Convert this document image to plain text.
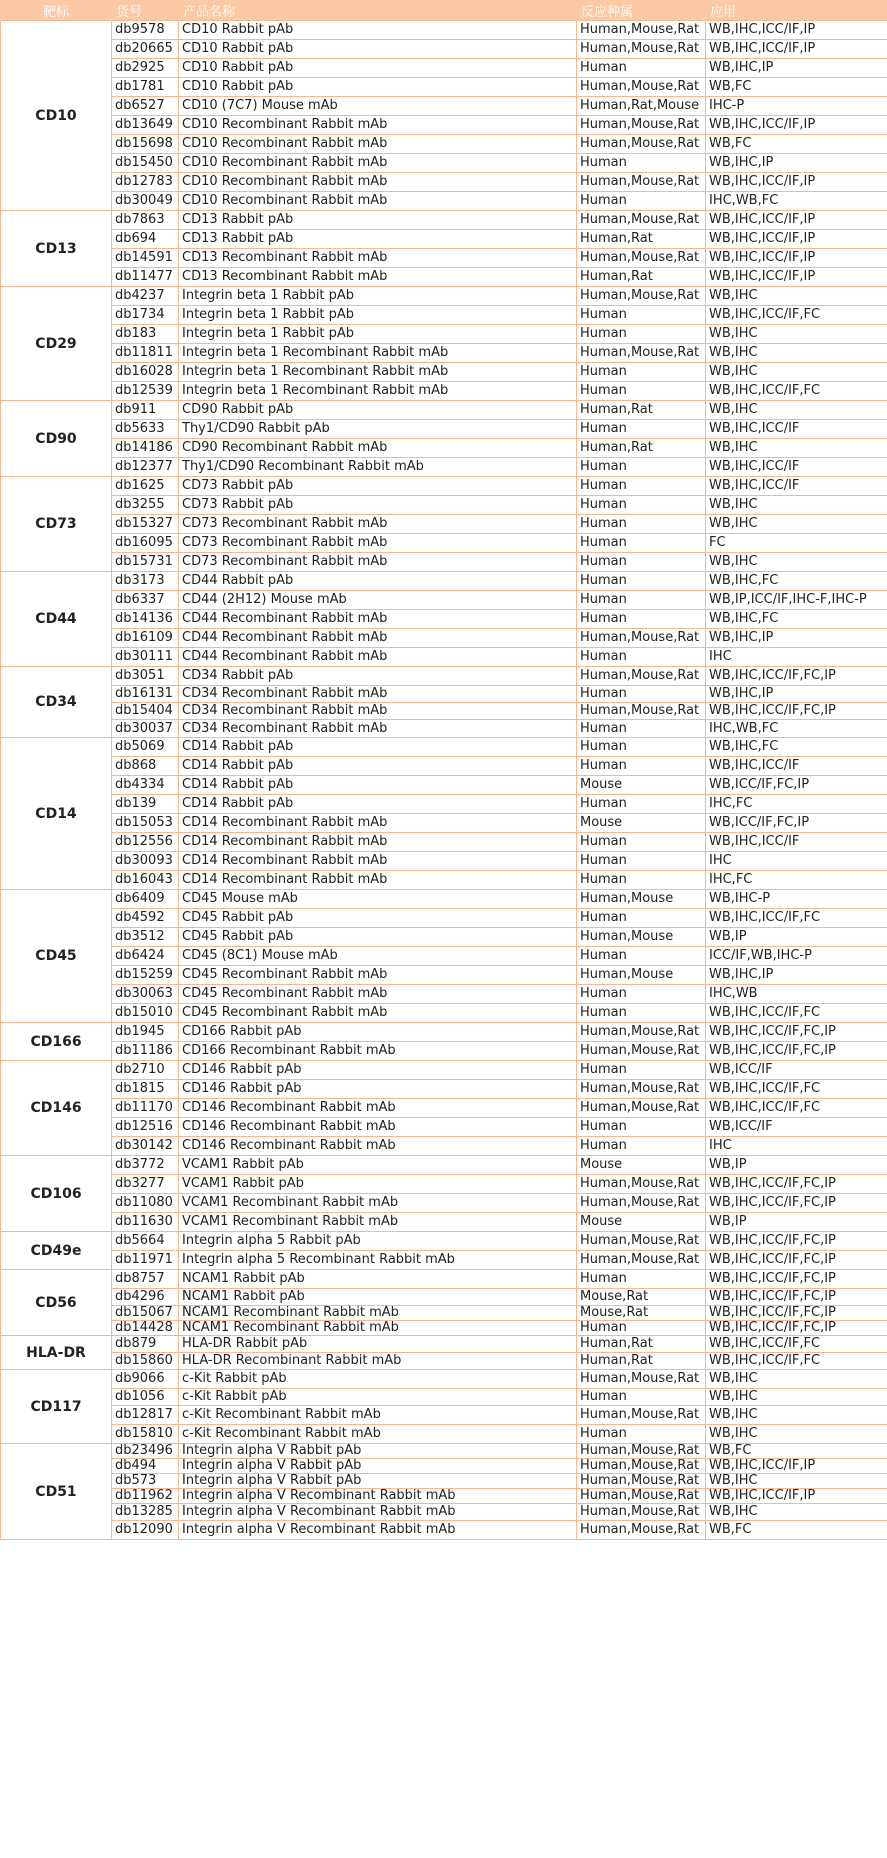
靶标	货号	产品名称	反应种属	应用
CD10	db9578	CD10 Rabbit pAb	Human,Mouse,Rat	WB,IHC,ICC/IF,IP
	db20665	CD10 Rabbit pAb	Human,Mouse,Rat	WB,IHC,ICC/IF,IP
	db2925	CD10 Rabbit pAb	Human	WB,IHC,IP
	db1781	CD10 Rabbit pAb	Human,Mouse,Rat	WB,FC
	db6527	CD10 (7C7) Mouse mAb	Human,Rat,Mouse	IHC-P
	db13649	CD10 Recombinant Rabbit mAb	Human,Mouse,Rat	WB,IHC,ICC/IF,IP
	db15698	CD10 Recombinant Rabbit mAb	Human,Mouse,Rat	WB,FC
	db15450	CD10 Recombinant Rabbit mAb	Human	WB,IHC,IP
	db12783	CD10 Recombinant Rabbit mAb	Human,Mouse,Rat	WB,IHC,ICC/IF,IP
	db30049	CD10 Recombinant Rabbit mAb	Human	IHC,WB,FC
CD13	db7863	CD13 Rabbit pAb	Human,Mouse,Rat	WB,IHC,ICC/IF,IP
	db694	CD13 Rabbit pAb	Human,Rat	WB,IHC,ICC/IF,IP
	db14591	CD13 Recombinant Rabbit mAb	Human,Mouse,Rat	WB,IHC,ICC/IF,IP
	db11477	CD13 Recombinant Rabbit mAb	Human,Rat	WB,IHC,ICC/IF,IP
CD29	db4237	Integrin beta 1 Rabbit pAb	Human,Mouse,Rat	WB,IHC
	db1734	Integrin beta 1 Rabbit pAb	Human	WB,IHC,ICC/IF,FC
	db183	Integrin beta 1 Rabbit pAb	Human	WB,IHC
	db11811	Integrin beta 1 Recombinant Rabbit mAb	Human,Mouse,Rat	WB,IHC
	db16028	Integrin beta 1 Recombinant Rabbit mAb	Human	WB,IHC
	db12539	Integrin beta 1 Recombinant Rabbit mAb	Human	WB,IHC,ICC/IF,FC
CD90	db911	CD90 Rabbit pAb	Human,Rat	WB,IHC
	db5633	Thy1/CD90 Rabbit pAb	Human	WB,IHC,ICC/IF
	db14186	CD90 Recombinant Rabbit mAb	Human,Rat	WB,IHC
	db12377	Thy1/CD90 Recombinant Rabbit mAb	Human	WB,IHC,ICC/IF
CD73	db1625	CD73 Rabbit pAb	Human	WB,IHC,ICC/IF
	db3255	CD73 Rabbit pAb	Human	WB,IHC
	db15327	CD73 Recombinant Rabbit mAb	Human	WB,IHC
	db16095	CD73 Recombinant Rabbit mAb	Human	FC
	db15731	CD73 Recombinant Rabbit mAb	Human	WB,IHC
CD44	db3173	CD44 Rabbit pAb	Human	WB,IHC,FC
	db6337	CD44 (2H12) Mouse mAb	Human	WB,IP,ICC/IF,IHC-F,IHC-P
	db14136	CD44 Recombinant Rabbit mAb	Human	WB,IHC,FC
	db16109	CD44 Recombinant Rabbit mAb	Human,Mouse,Rat	WB,IHC,IP
	db30111	CD44 Recombinant Rabbit mAb	Human	IHC
CD34	db3051	CD34 Rabbit pAb	Human,Mouse,Rat	WB,IHC,ICC/IF,FC,IP
	db16131	CD34 Recombinant Rabbit mAb	Human	WB,IHC,IP
	db15404	CD34 Recombinant Rabbit mAb	Human,Mouse,Rat	WB,IHC,ICC/IF,FC,IP
	db30037	CD34 Recombinant Rabbit mAb	Human	IHC,WB,FC
CD14	db5069	CD14 Rabbit pAb	Human	WB,IHC,FC
	db868	CD14 Rabbit pAb	Human	WB,IHC,ICC/IF
	db4334	CD14 Rabbit pAb	Mouse	WB,ICC/IF,FC,IP
	db139	CD14 Rabbit pAb	Human	IHC,FC
	db15053	CD14 Recombinant Rabbit mAb	Mouse	WB,ICC/IF,FC,IP
	db12556	CD14 Recombinant Rabbit mAb	Human	WB,IHC,ICC/IF
	db30093	CD14 Recombinant Rabbit mAb	Human	IHC
	db16043	CD14 Recombinant Rabbit mAb	Human	IHC,FC
CD45	db6409	CD45 Mouse mAb	Human,Mouse	WB,IHC-P
	db4592	CD45 Rabbit pAb	Human	WB,IHC,ICC/IF,FC
	db3512	CD45 Rabbit pAb	Human,Mouse	WB,IP
	db6424	CD45 (8C1) Mouse mAb	Human	ICC/IF,WB,IHC-P
	db15259	CD45 Recombinant Rabbit mAb	Human,Mouse	WB,IHC,IP
	db30063	CD45 Recombinant Rabbit mAb	Human	IHC,WB
	db15010	CD45 Recombinant Rabbit mAb	Human	WB,IHC,ICC/IF,FC
CD166	db1945	CD166 Rabbit pAb	Human,Mouse,Rat	WB,IHC,ICC/IF,FC,IP
	db11186	CD166 Recombinant Rabbit mAb	Human,Mouse,Rat	WB,IHC,ICC/IF,FC,IP
CD146	db2710	CD146 Rabbit pAb	Human	WB,ICC/IF
	db1815	CD146 Rabbit pAb	Human,Mouse,Rat	WB,IHC,ICC/IF,FC
	db11170	CD146 Recombinant Rabbit mAb	Human,Mouse,Rat	WB,IHC,ICC/IF,FC
	db12516	CD146 Recombinant Rabbit mAb	Human	WB,ICC/IF
	db30142	CD146 Recombinant Rabbit mAb	Human	IHC
CD106	db3772	VCAM1 Rabbit pAb	Mouse	WB,IP
	db3277	VCAM1 Rabbit pAb	Human,Mouse,Rat	WB,IHC,ICC/IF,FC,IP
	db11080	VCAM1 Recombinant Rabbit mAb	Human,Mouse,Rat	WB,IHC,ICC/IF,FC,IP
	db11630	VCAM1 Recombinant Rabbit mAb	Mouse	WB,IP
CD49e	db5664	Integrin alpha 5 Rabbit pAb	Human,Mouse,Rat	WB,IHC,ICC/IF,FC,IP
	db11971	Integrin alpha 5 Recombinant Rabbit mAb	Human,Mouse,Rat	WB,IHC,ICC/IF,FC,IP
CD56	db8757	NCAM1 Rabbit pAb	Human	WB,IHC,ICC/IF,FC,IP
	db4296	NCAM1 Rabbit pAb	Mouse,Rat	WB,IHC,ICC/IF,FC,IP
	db15067	NCAM1 Recombinant Rabbit mAb	Mouse,Rat	WB,IHC,ICC/IF,FC,IP
	db14428	NCAM1 Recombinant Rabbit mAb	Human	WB,IHC,ICC/IF,FC,IP
HLA-DR	db879	HLA-DR Rabbit pAb	Human,Rat	WB,IHC,ICC/IF,FC
	db15860	HLA-DR Recombinant Rabbit mAb	Human,Rat	WB,IHC,ICC/IF,FC
CD117	db9066	c-Kit Rabbit pAb	Human,Mouse,Rat	WB,IHC
	db1056	c-Kit Rabbit pAb	Human	WB,IHC
	db12817	c-Kit Recombinant Rabbit mAb	Human,Mouse,Rat	WB,IHC
	db15810	c-Kit Recombinant Rabbit mAb	Human	WB,IHC
CD51	db23496	Integrin alpha V Rabbit pAb	Human,Mouse,Rat	WB,FC
	db494	Integrin alpha V Rabbit pAb	Human,Mouse,Rat	WB,IHC,ICC/IF,IP
	db573	Integrin alpha V Rabbit pAb	Human,Mouse,Rat	WB,IHC
	db11962	Integrin alpha V Recombinant Rabbit mAb	Human,Mouse,Rat	WB,IHC,ICC/IF,IP
	db13285	Integrin alpha V Recombinant Rabbit mAb	Human,Mouse,Rat	WB,IHC
	db12090	Integrin alpha V Recombinant Rabbit mAb	Human,Mouse,Rat	WB,FC
